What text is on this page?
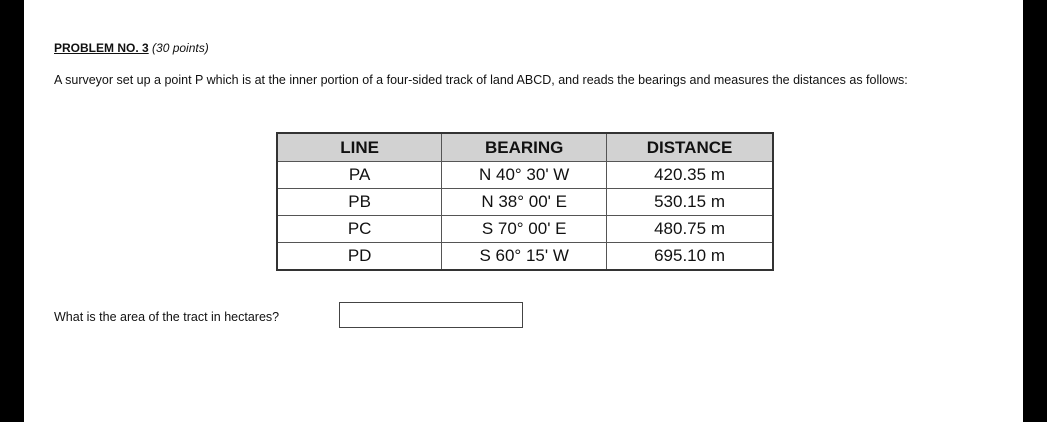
PROBLEM NO. 3 (30 points)
A surveyor set up a point P which is at the inner portion of a four-sided track of land ABCD, and reads the bearings and measures the distances as follows:
LINE	BEARING	DISTANCE
PA	N 40° 30' W	420.35 m
PB	N 38° 00' E	530.15 m
PC	S 70° 00' E	480.75 m
PD	S 60° 15' W	695.10 m
What is the area of the tract in hectares?
